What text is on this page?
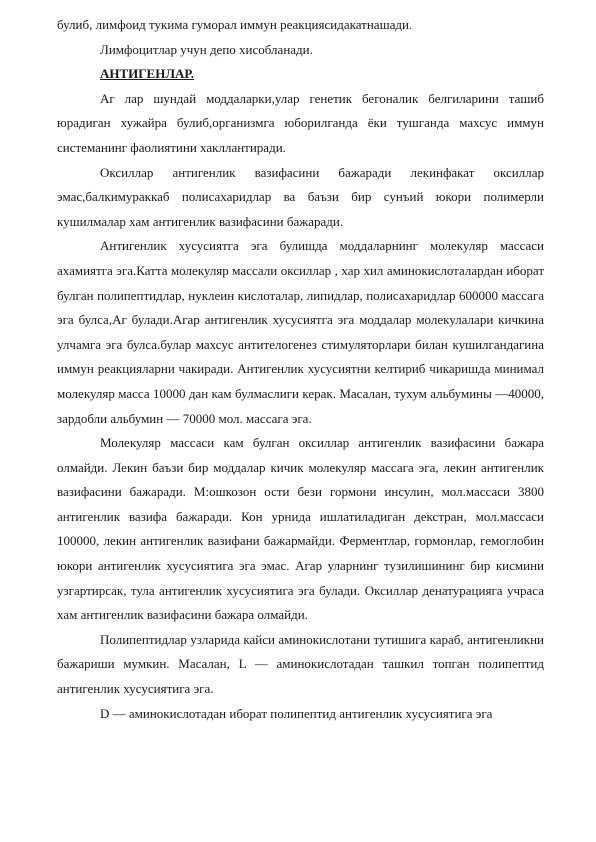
булиб, лимфоид тукима гуморал иммун реакциясидакатнашади.

Лимфоцитлар учун депо хисобланади.

АНТИГЕНЛАР.

Аг лар шундай моддаларки,улар генетик бегоналик белгиларини ташиб юрадиган хужайра булиб,организмга юборилганда ёки тушганда махсус иммун системанинг фаолиятини хакллантиради.

Оксиллар антигенлик вазифасини бажаради лекинфакат оксиллар эмас,балкимураккаб полисахаридлар ва баъзи бир сунъий юкори полимерли кушилмалар хам антигенлик вазифасини бажаради.

Антигенлик хусусиятга эга булишда моддаларнинг молекуляр массаси ахамиятга эга.Катта молекуляр массали оксиллар , хар хил аминокислоталардан иборат булган полипептидлар, нуклеин кислоталар, липидлар, полисахаридлар 600000 массага эга булса,Аг булади.Агар антигенлик хусусиятга эга моддалар молекулалари кичкина улчамга эга булса.булар махсус антителогенез стимуляторлари билан кушилгандагина иммун реакцияларни чакиради. Антигенлик хусусиятни келтириб чикаришда минимал молекуляр масса 10000 дан кам булмаслиги керак. Масалан, тухум альбумины —40000, зардобли альбумин — 70000 мол. массага эга.

Молекуляр массаси кам булган оксиллар антигенлик вазифасини бажара олмайди. Лекин баъзи бир моддалар кичик молекуляр массага эга, лекин антигенлик вазифасини бажаради. М:ошкозон ости бези гормони инсулин, мол.массаси 3800 антигенлик вазифа бажаради. Кон урнида ишлатиладиган декстран, мол.массаси 100000, лекин антигенлик вазифани бажармайди. Ферментлар, гормонлар, гемоглобин юкори антигенлик хусусиятига эга эмас. Агар уларнинг тузилишининг бир кисмини узгартирсак, тула антигенлик хусусиятига эга булади. Оксиллар денатурацияга учраса хам антигенлик вазифасини бажара олмайди.

Полипептидлар узларида кайси аминокислотани тутишига караб, антигенликни бажариши мумкин. Масалан, L — аминокислотадан ташкил топган полипептид антигенлик хусусиятига эга.

D — аминокислотадан иборат полипептид антигенлик хусусиятига эга
